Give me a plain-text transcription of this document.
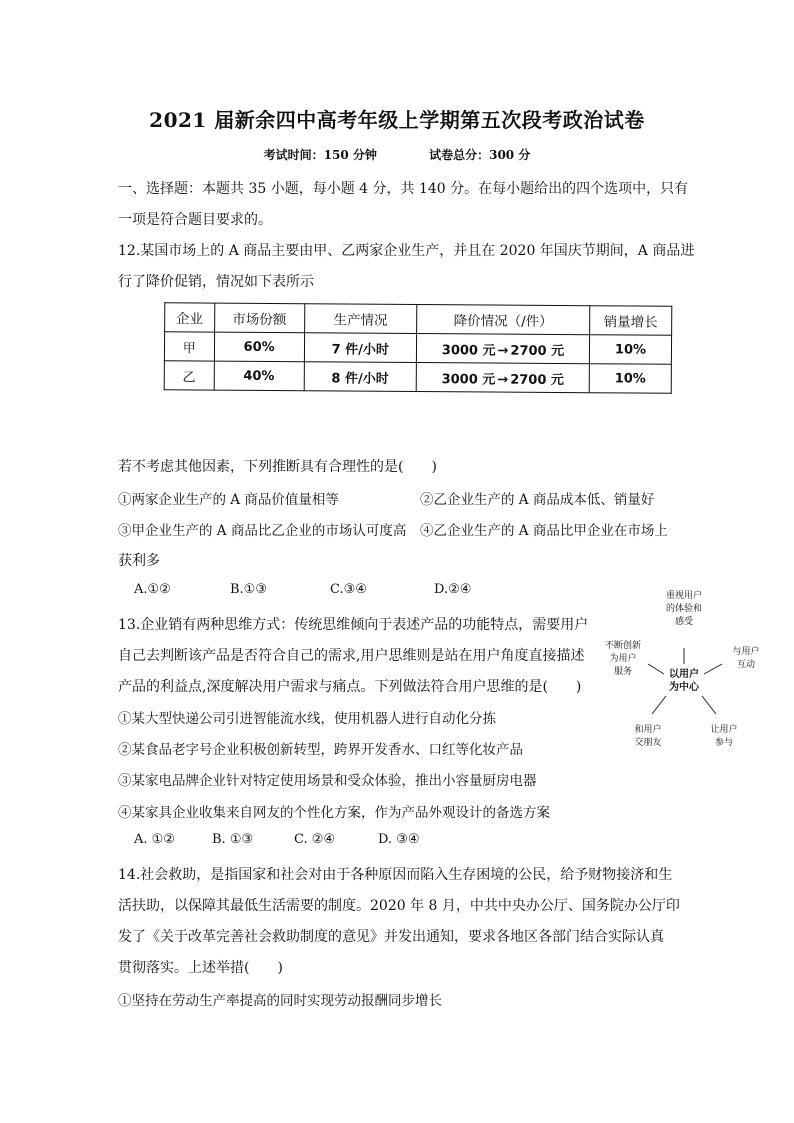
2021 届新余四中高考年级上学期第五次段考政治试卷
考试时间：150 分钟	试卷总分：300 分
一、选择题：本题共 35 小题，每小题 4 分，共 140 分。在每小题给出的四个选项中，只有
一项是符合题目要求的。
12.某国市场上的 A 商品主要由甲、乙两家企业生产，并且在 2020 年国庆节期间，A 商品进
行了降价促销，情况如下表所示
企业	市场份额	生产情况	降价情况（/件）	销量增长
甲	60%	7 件/小时	3000 元 → 2700 元	10%
乙	40%	8 件/小时	3000 元 → 2700 元	10%
若不考虑其他因素，下列推断具有合理性的是(　　)
①两家企业生产的 A 商品价值量相等	②乙企业生产的 A 商品成本低、销量好
③甲企业生产的 A 商品比乙企业的市场认可度高 ④乙企业生产的 A 商品比甲企业在市场上
获利多
A.①②	B.①③	C.③④	D.②④
13.企业销有两种思维方式：传统思维倾向于表述产品的功能特点，需要用户
自己去判断该产品是否符合自己的需求,用户思维则是站在用户角度直接描述
产品的利益点,深度解决用户需求与痛点。下列做法符合用户思维的是(　　)
①某大型快递公司引进智能流水线，使用机器人进行自动化分拣
②某食品老字号企业积极创新转型，跨界开发香水、口红等化妆产品
③某家电品牌企业针对特定使用场景和受众体验，推出小容量厨房电器
④某家具企业收集来自网友的个性化方案，作为产品外观设计的备选方案
A. ①②	B. ①③	C. ②④	D. ③④
重视用户
的体验和
感受
与用户
互动
不断创新
为用户
服务	以用户
为中心
和用户
交朋友
让用户
参与
14.社会救助，是指国家和社会对由于各种原因而陷入生存困境的公民，给予财物接济和生
活扶助，以保障其最低生活需要的制度。2020 年 8 月，中共中央办公厅、国务院办公厅印
发了《关于改革完善社会救助制度的意见》并发出通知，要求各地区各部门结合实际认真
贯彻落实。上述举措(　　)
①坚持在劳动生产率提高的同时实现劳动报酬同步增长
